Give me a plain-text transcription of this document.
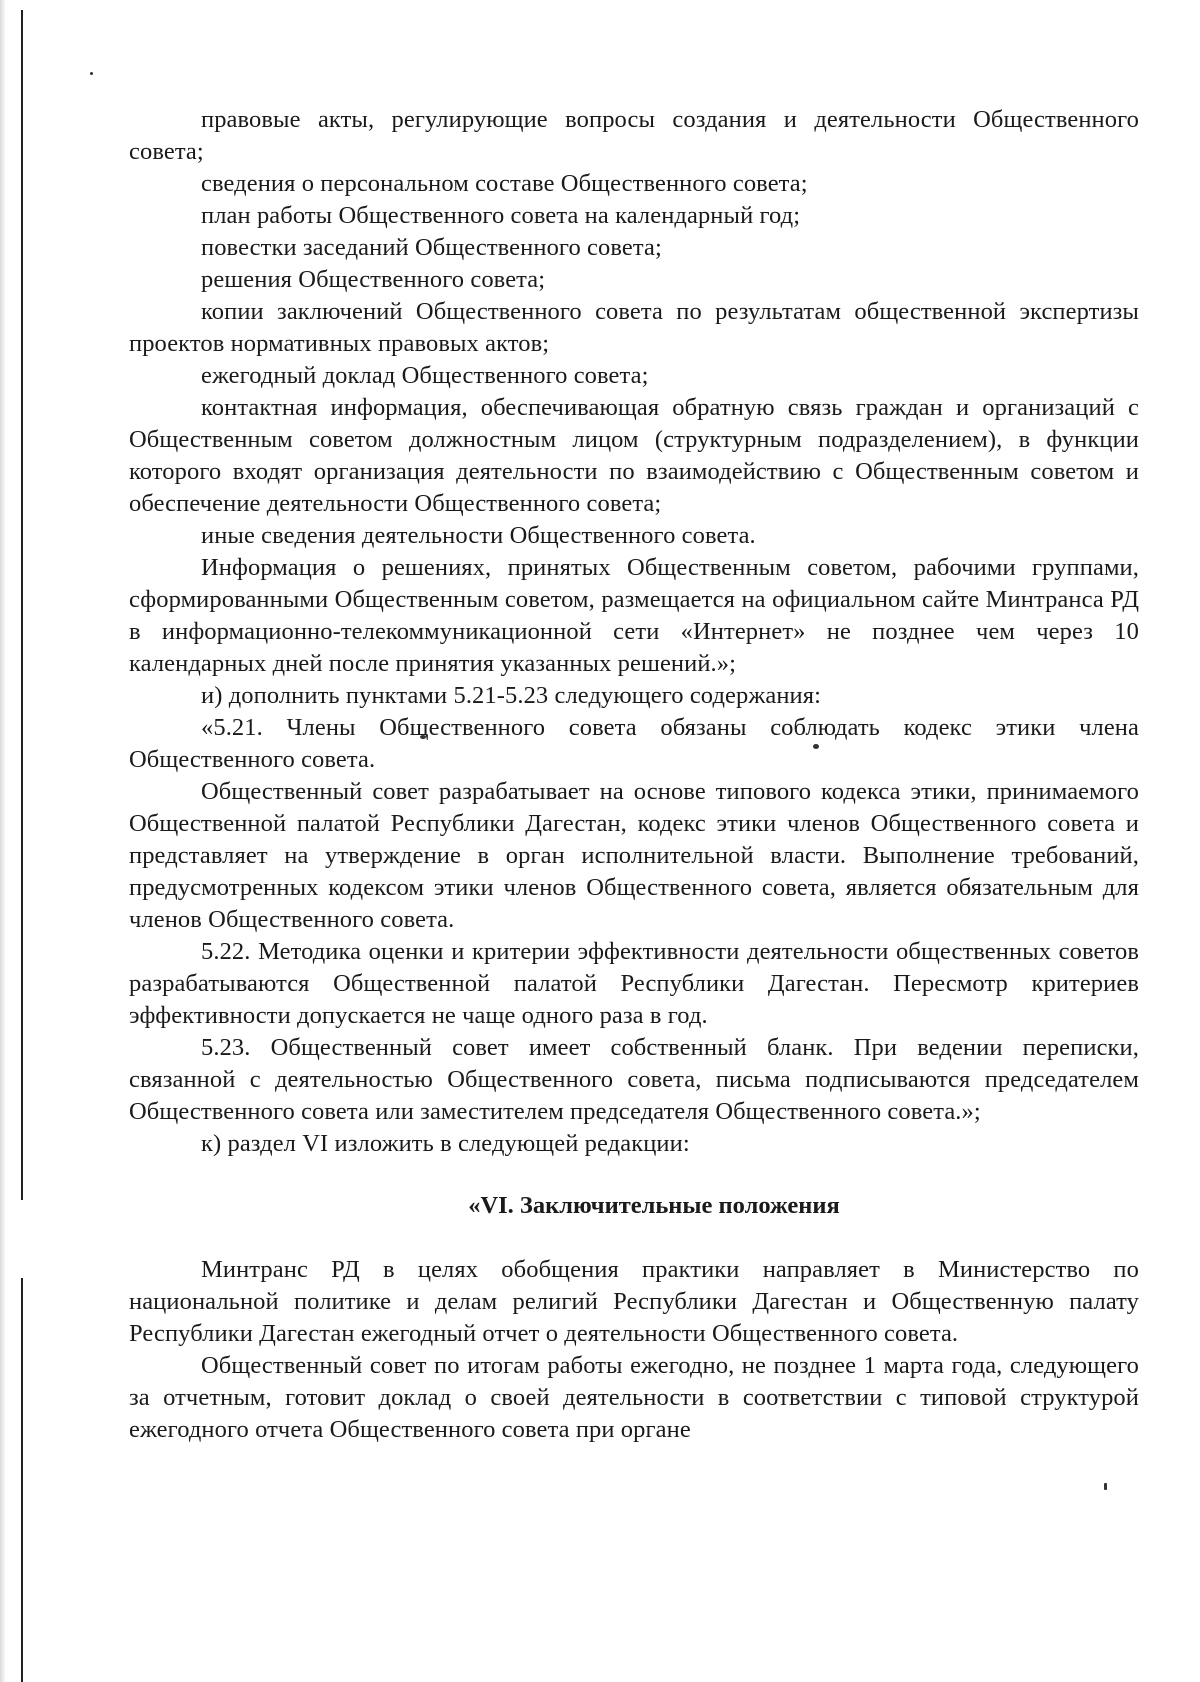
правовые акты, регулирующие вопросы создания и деятельности Общественного совета;

сведения о персональном составе Общественного совета;

план работы Общественного совета на календарный год;

повестки заседаний Общественного совета;

решения Общественного совета;

копии заключений Общественного совета по результатам общественной экспертизы проектов нормативных правовых актов;

ежегодный доклад Общественного совета;

контактная информация, обеспечивающая обратную связь граждан и организаций с Общественным советом должностным лицом (структурным подразделением), в функции которого входят организация деятельности по взаимодействию с Общественным советом и обеспечение деятельности Общественного совета;

иные сведения деятельности Общественного совета.

Информация о решениях, принятых Общественным советом, рабочими группами, сформированными Общественным советом, размещается на официальном сайте Минтранса РД в информационно-телекоммуникационной сети «Интернет» не позднее чем через 10 календарных дней после принятия указанных решений.»;

и) дополнить пунктами 5.21-5.23 следующего содержания:

«5.21. Члены Общественного совета обязаны соблюдать кодекс этики члена Общественного совета.

Общественный совет разрабатывает на основе типового кодекса этики, принимаемого Общественной палатой Республики Дагестан, кодекс этики членов Общественного совета и представляет на утверждение в орган исполнительной власти. Выполнение требований, предусмотренных кодексом этики членов Общественного совета, является обязательным для членов Общественного совета.

5.22. Методика оценки и критерии эффективности деятельности общественных советов разрабатываются Общественной палатой Республики Дагестан. Пересмотр критериев эффективности допускается не чаще одного раза в год.

5.23. Общественный совет имеет собственный бланк. При ведении переписки, связанной с деятельностью Общественного совета, письма подписываются председателем Общественного совета или заместителем председателя Общественного совета.»;

к) раздел VI изложить в следующей редакции:

«VI. Заключительные положения

Минтранс РД в целях обобщения практики направляет в Министерство по национальной политике и делам религий Республики Дагестан и Общественную палату Республики Дагестан ежегодный отчет о деятельности Общественного совета.

Общественный совет по итогам работы ежегодно, не позднее 1 марта года, следующего за отчетным, готовит доклад о своей деятельности в соответствии с типовой структурой ежегодного отчета Общественного совета при органе
